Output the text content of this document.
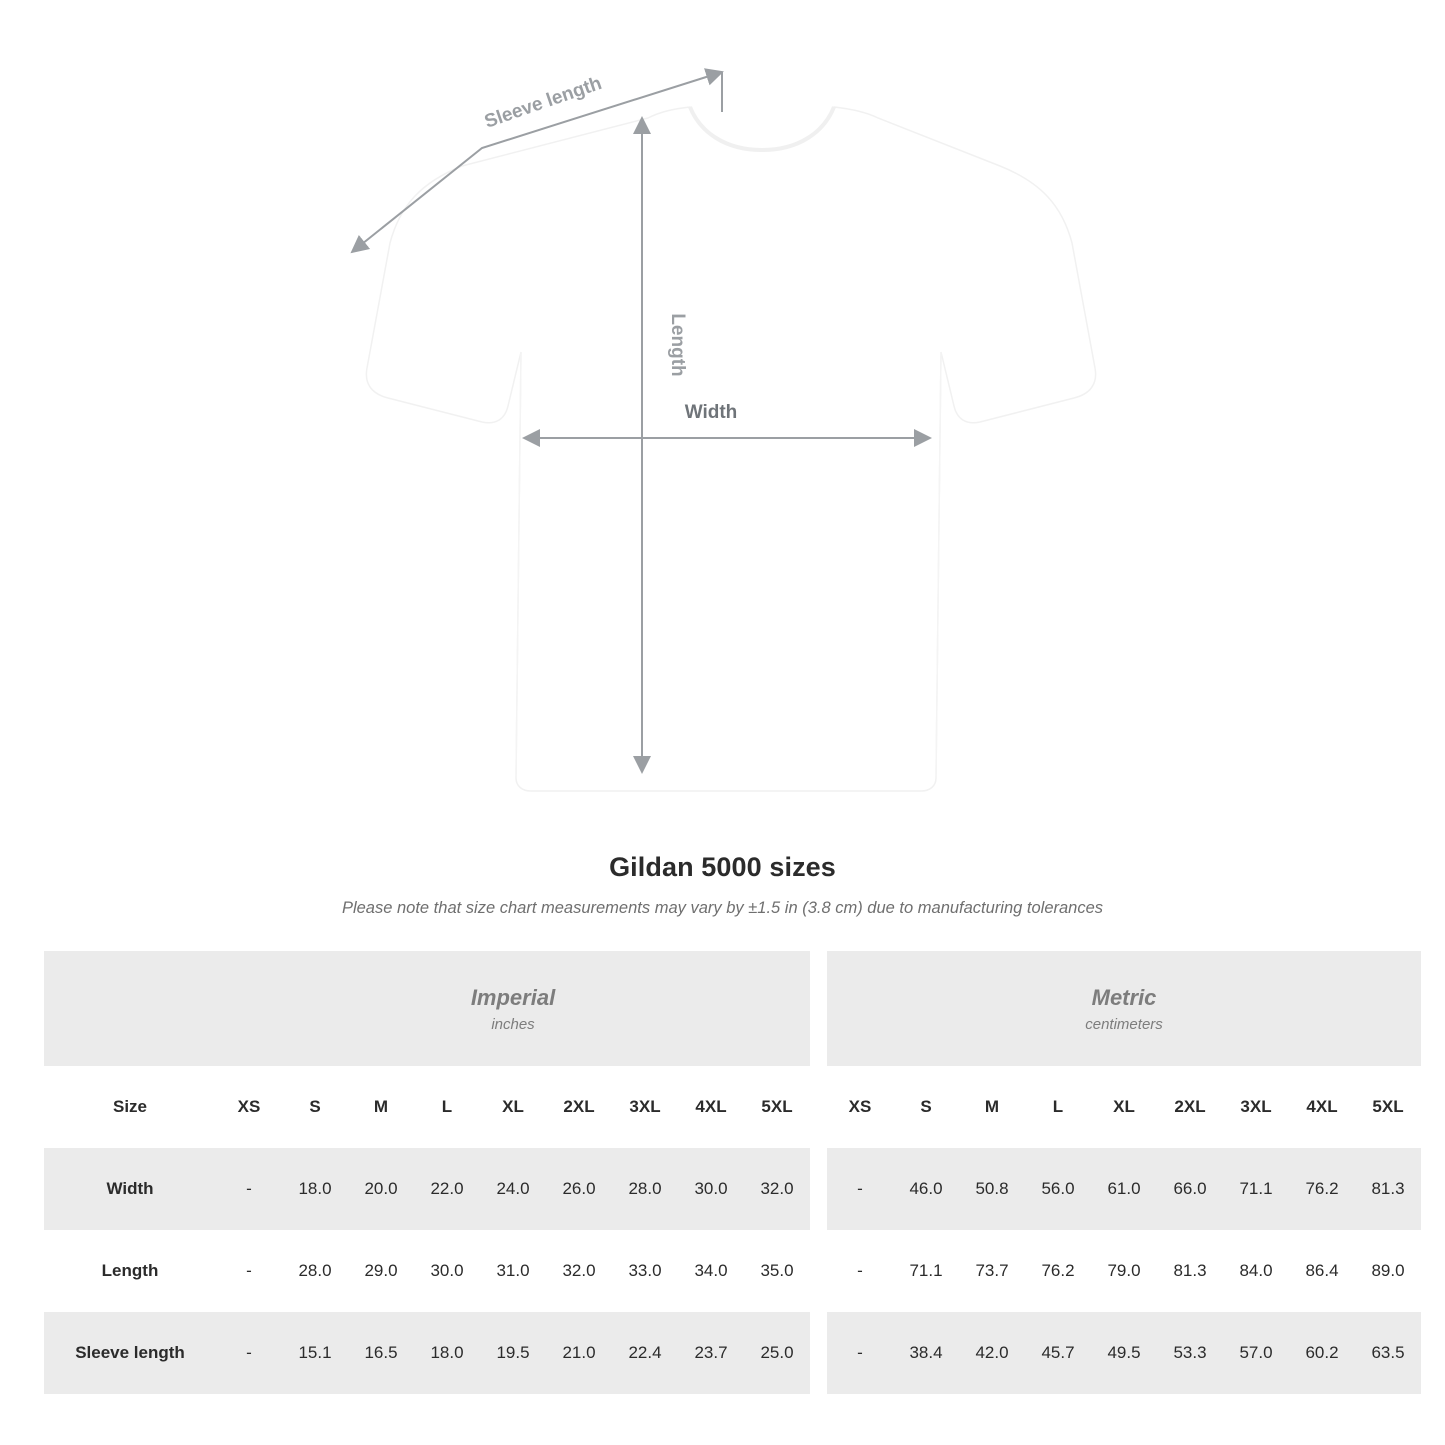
Sleeve length
Length
Width
Gildan 5000 sizes

Please note that size chart measurements may vary by ±1.5 in (3.8 cm) due to manufacturing tolerances

Imperial
inches

Metric
centimeters

Size	XS	S	M	L	XL	2XL	3XL	4XL	5XL		XS	S	M	L	XL	2XL	3XL	4XL	5XL
Width	-	18.0	20.0	22.0	24.0	26.0	28.0	30.0	32.0		-	46.0	50.8	56.0	61.0	66.0	71.1	76.2	81.3
Length	-	28.0	29.0	30.0	31.0	32.0	33.0	34.0	35.0		-	71.1	73.7	76.2	79.0	81.3	84.0	86.4	89.0
Sleeve length	-	15.1	16.5	18.0	19.5	21.0	22.4	23.7	25.0		-	38.4	42.0	45.7	49.5	53.3	57.0	60.2	63.5
